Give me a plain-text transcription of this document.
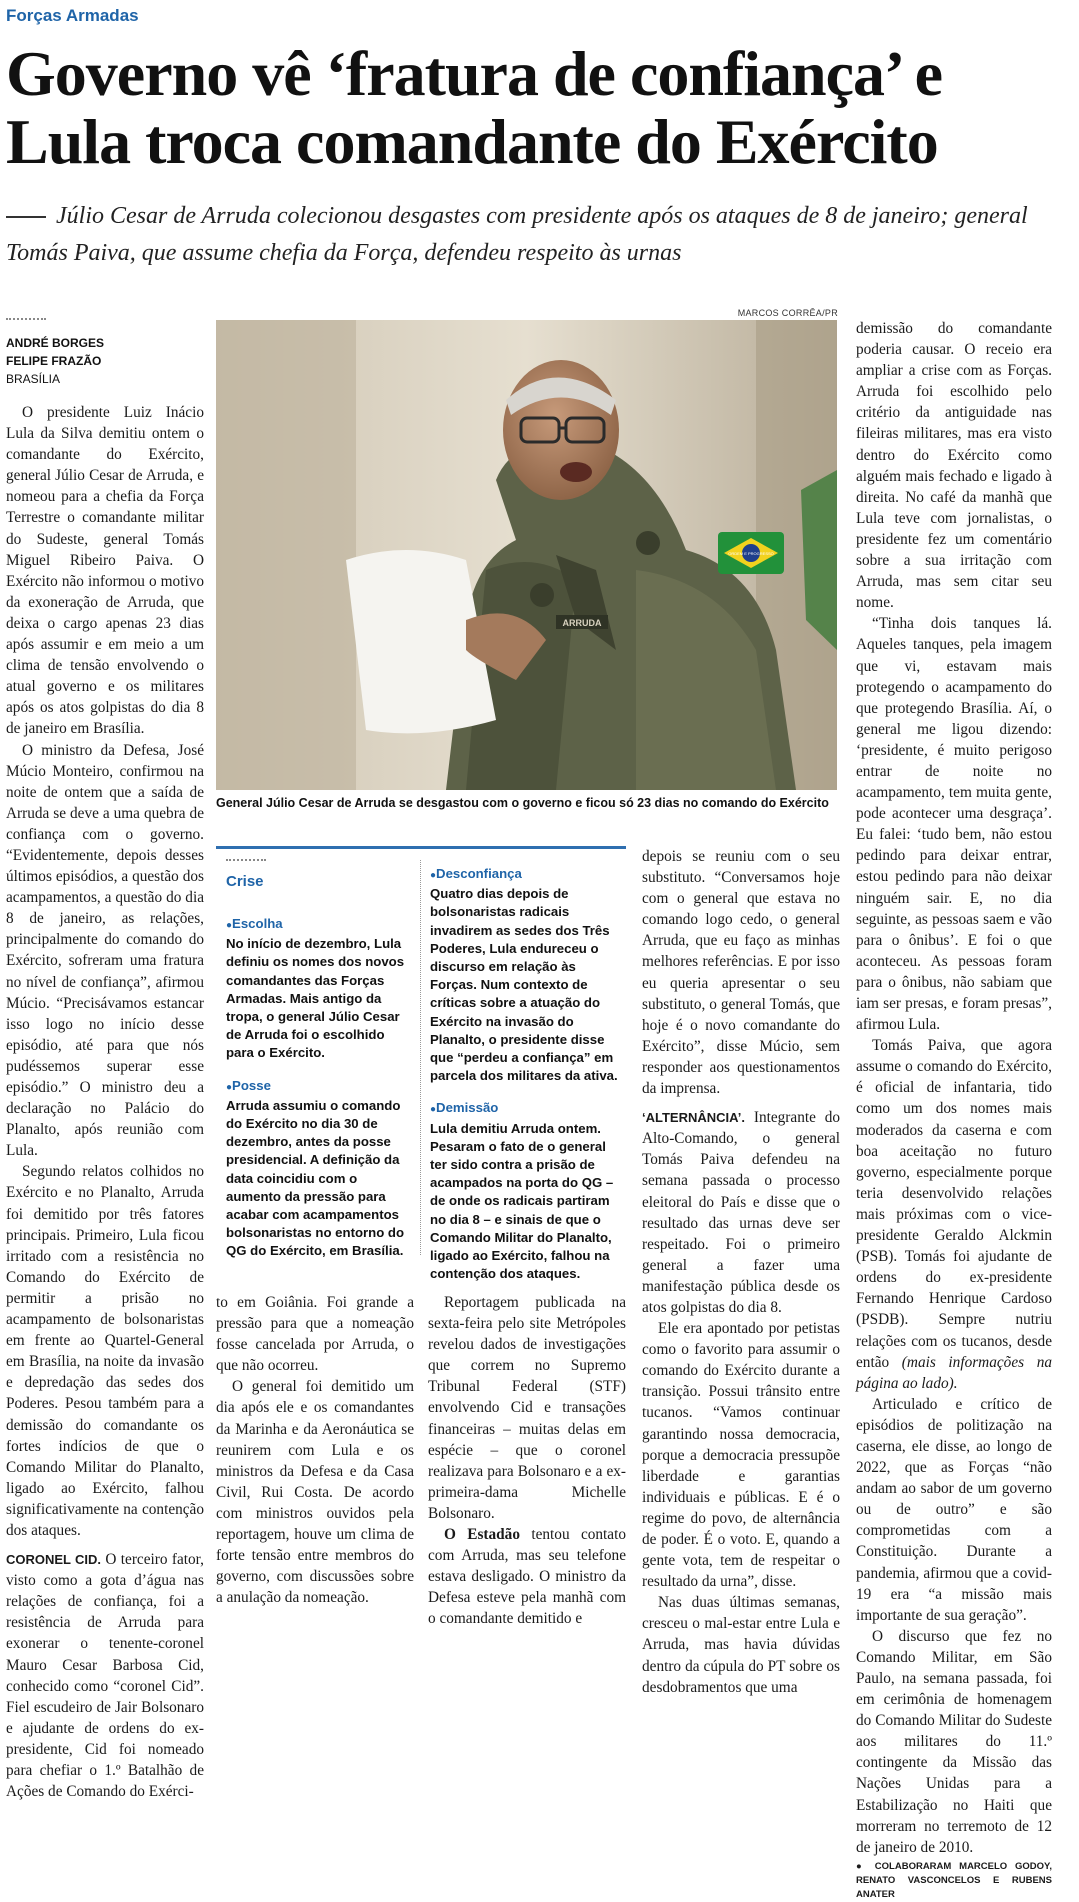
Forças Armadas
Governo vê ‘fratura de confiança’ e
Lula troca comandante do Exército
Júlio Cesar de Arruda colecionou desgastes com presidente após os ataques de 8 de janeiro; general Tomás Paiva, que assume chefia da Força, defendeu respeito às urnas
ANDRÉ BORGES
FELIPE FRAZÃO
BRASÍLIA

O presidente Luiz Inácio Lula da Silva demitiu ontem o comandante do Exército, general Júlio Cesar de Arruda, e nomeou para a chefia da Força Terrestre o comandante militar do Sudeste, general Tomás Miguel Ribeiro Paiva. O Exército não informou o motivo da exoneração de Arruda, que deixa o cargo apenas 23 dias após assumir e em meio a um clima de tensão envolvendo o atual governo e os militares após os atos golpistas do dia 8 de janeiro em Brasília.

O ministro da Defesa, José Múcio Monteiro, confirmou na noite de ontem que a saída de Arruda se deve a uma quebra de confiança com o governo. “Evidentemente, depois desses últimos episódios, a questão dos acampamentos, a questão do dia 8 de janeiro, as relações, principalmente do comando do Exército, sofreram uma fratura no nível de confiança”, afirmou Múcio. “Precisávamos estancar isso logo no início desse episódio, até para que nós pudéssemos superar esse episódio.” O ministro deu a declaração no Palácio do Planalto, após reunião com Lula.

Segundo relatos colhidos no Exército e no Planalto, Arruda foi demitido por três fatores principais. Primeiro, Lula ficou irritado com a resistência no Comando do Exército de permitir a prisão no acampamento de bolsonaristas em frente ao Quartel-General em Brasília, na noite da invasão e depredação das sedes dos Poderes. Pesou também para a demissão do comandante os fortes indícios de que o Comando Militar do Planalto, ligado ao Exército, falhou significativamente na contenção dos ataques.

CORONEL CID. O terceiro fator, visto como a gota d’água nas relações de confiança, foi a resistência de Arruda para exonerar o tenente-coronel Mauro Cesar Barbosa Cid, conhecido como “coronel Cid”. Fiel escudeiro de Jair Bolsonaro e ajudante de ordens do ex-presidente, Cid foi nomeado para chefiar o 1.º Batalhão de Ações de Comando do Exérci-

MARCOS CORRÊA/PR
ORDEM E PROGRESSO
ARRUDA
General Júlio Cesar de Arruda se desgastou com o governo e ficou só 23 dias no comando do Exército
Crise
● Escolha
No início de dezembro, Lula definiu os nomes dos novos comandantes das Forças Armadas. Mais antigo da tropa, o general Júlio Cesar de Arruda foi o escolhido para o Exército.
● Posse
Arruda assumiu o comando do Exército no dia 30 de dezembro, antes da posse presidencial. A definição da data coincidiu com o aumento da pressão para acabar com acampamentos bolsonaristas no entorno do QG do Exército, em Brasília.
● Desconfiança
Quatro dias depois de bolsonaristas radicais invadirem as sedes dos Três Poderes, Lula endureceu o discurso em relação às Forças. Num contexto de críticas sobre a atuação do Exército na invasão do Planalto, o presidente disse que “perdeu a confiança” em parcela dos militares da ativa.
● Demissão
Lula demitiu Arruda ontem. Pesaram o fato de o general ter sido contra a prisão de acampados na porta do QG – de onde os radicais partiram no dia 8 – e sinais de que o Comando Militar do Planalto, ligado ao Exército, falhou na contenção dos ataques.

to em Goiânia. Foi grande a pressão para que a nomeação fosse cancelada por Arruda, o que não ocorreu.

O general foi demitido um dia após ele e os comandantes da Marinha e da Aeronáutica se reunirem com Lula e os ministros da Defesa e da Casa Civil, Rui Costa. De acordo com ministros ouvidos pela reportagem, houve um clima de forte tensão entre membros do governo, com discussões sobre a anulação da nomeação.

Reportagem publicada na sexta-feira pelo site Metrópoles revelou dados de investigações que correm no Supremo Tribunal Federal (STF) envolvendo Cid e transações financeiras – muitas delas em espécie – que o coronel realizava para Bolsonaro e a ex-primeira-dama Michelle Bolsonaro.

O Estadão tentou contato com Arruda, mas seu telefone estava desligado. O ministro da Defesa esteve pela manhã com o comandante demitido e

depois se reuniu com o seu substituto. “Conversamos hoje com o general que estava no comando logo cedo, o general Arruda, que eu faço as minhas melhores referências. E por isso eu queria apresentar o seu substituto, o general Tomás, que hoje é o novo comandante do Exército”, disse Múcio, sem responder aos questionamentos da imprensa.

‘ALTERNÂNCIA’. Integrante do Alto-Comando, o general Tomás Paiva defendeu na semana passada o processo eleitoral do País e disse que o resultado das urnas deve ser respeitado. Foi o primeiro general a fazer uma manifestação pública desde os atos golpistas do dia 8.

Ele era apontado por petistas como o favorito para assumir o comando do Exército durante a transição. Possui trânsito entre tucanos. “Vamos continuar garantindo nossa democracia, porque a democracia pressupõe liberdade e garantias individuais e públicas. E é o regime do povo, de alternância de poder. É o voto. E, quando a gente vota, tem de respeitar o resultado da urna”, disse.

Nas duas últimas semanas, cresceu o mal-estar entre Lula e Arruda, mas havia dúvidas dentro da cúpula do PT sobre os desdobramentos que uma

demissão do comandante poderia causar. O receio era ampliar a crise com as Forças. Arruda foi escolhido pelo critério da antiguidade nas fileiras militares, mas era visto dentro do Exército como alguém mais fechado e ligado à direita. No café da manhã que Lula teve com jornalistas, o presidente fez um comentário sobre a sua irritação com Arruda, mas sem citar seu nome.

“Tinha dois tanques lá. Aqueles tanques, pela imagem que vi, estavam mais protegendo o acampamento do que protegendo Brasília. Aí, o general me ligou dizendo: ‘presidente, é muito perigoso entrar de noite no acampamento, tem muita gente, pode acontecer uma desgraça’. Eu falei: ‘tudo bem, não estou pedindo para deixar entrar, estou pedindo para não deixar ninguém sair. E, no dia seguinte, as pessoas saem e vão para o ônibus’. E foi o que aconteceu. As pessoas foram para o ônibus, não sabiam que iam ser presas, e foram presas”, afirmou Lula.

Tomás Paiva, que agora assume o comando do Exército, é oficial de infantaria, tido como um dos nomes mais moderados da caserna e com boa aceitação no futuro governo, especialmente porque teria desenvolvido relações mais próximas com o vice-presidente Geraldo Alckmin (PSB). Tomás foi ajudante de ordens do ex-presidente Fernando Henrique Cardoso (PSDB). Sempre nutriu relações com os tucanos, desde então (mais informações na página ao lado).

Articulado e crítico de episódios de politização na caserna, ele disse, ao longo de 2022, que as Forças “não andam ao sabor de um governo ou de outro” e são comprometidas com a Constituição. Durante a pandemia, afirmou que a covid-19 era “a missão mais importante de sua geração”.

O discurso que fez no Comando Militar, em São Paulo, na semana passada, foi em cerimônia de homenagem do Comando Militar do Sudeste aos militares do 11.º contingente da Missão das Nações Unidas para a Estabilização no Haiti que morreram no terremoto de 12 de janeiro de 2010.

● COLABORARAM MARCELO GODOY, RENATO VASCONCELOS E RUBENS ANATER
